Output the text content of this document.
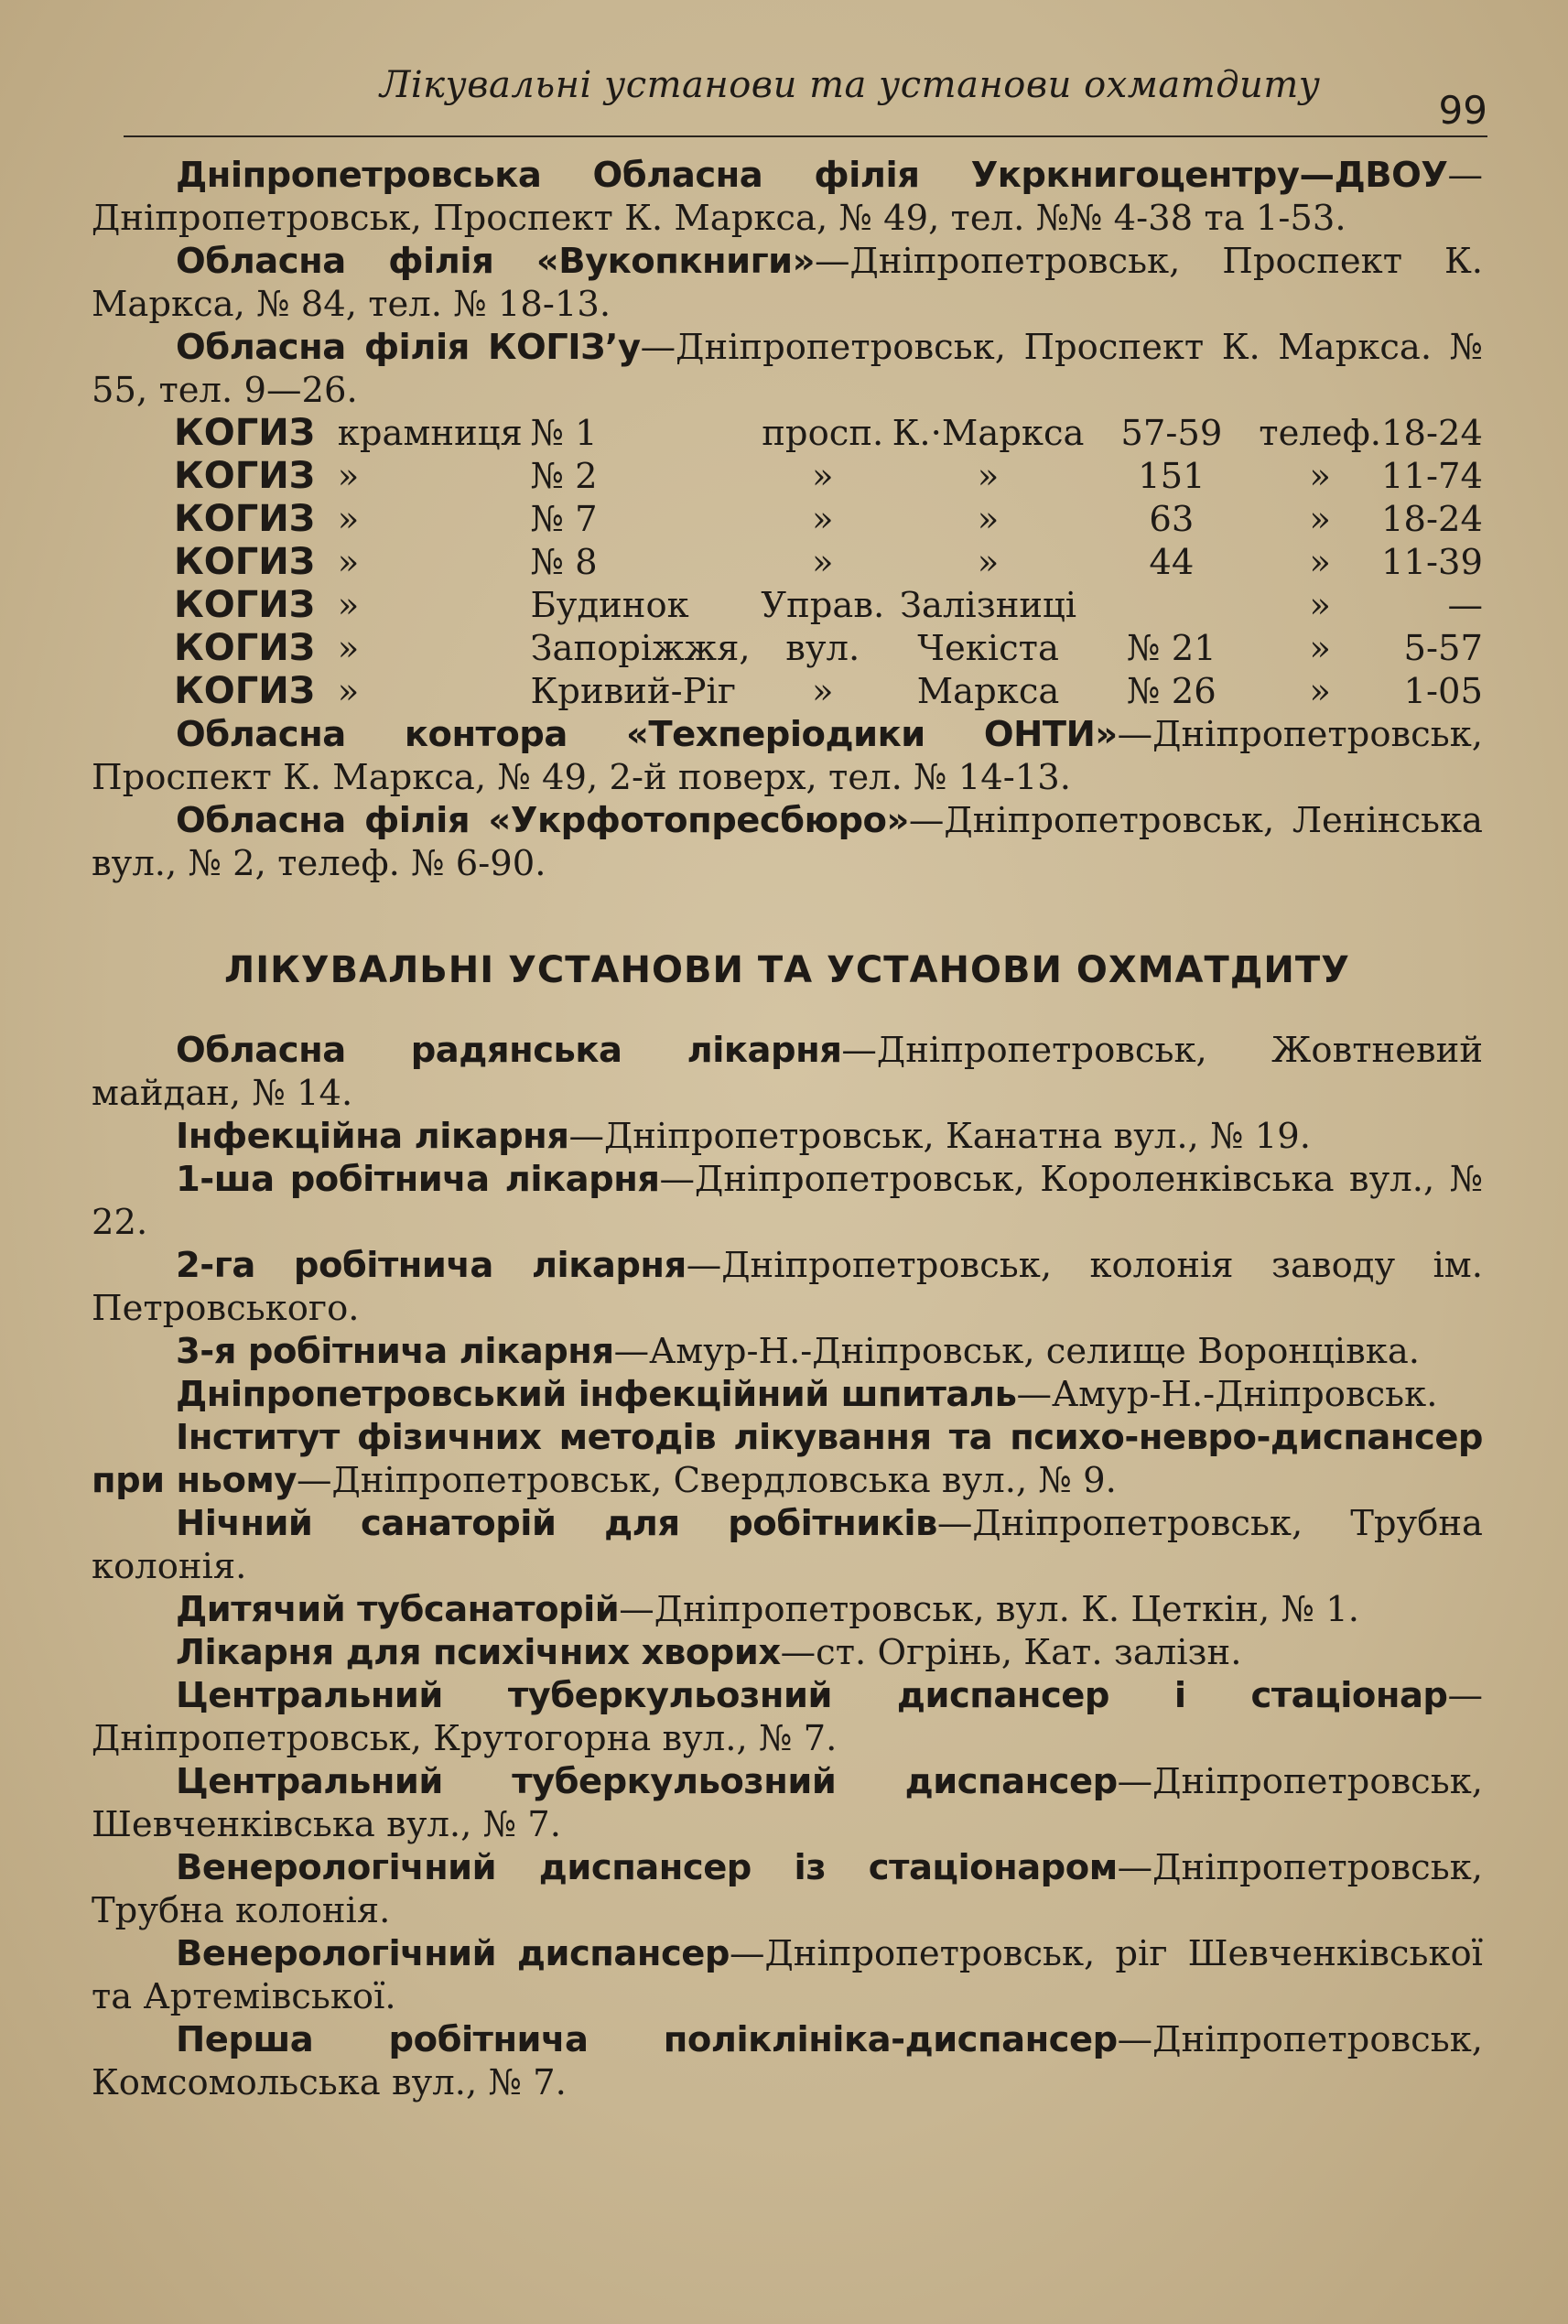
Лікувальні установи та установи охматдиту
99

Дніпропетровська Обласна філія Укркнигоцентру—ДВОУ—Дніпропетровськ, Проспект К. Маркса, № 49, тел. №№ 4-38 та 1-53.

Обласна філія «Вукопкниги»—Дніпропетровськ, Проспект К. Маркса, № 84, тел. № 18-13.

Обласна філія КОГІЗ’у—Дніпропетровськ, Проспект К. Маркса. № 55, тел. 9—26.

КОГИЗ	крамниця	№ 1	просп.	К.·Маркса	57-59	телеф.	18-24
КОГИЗ	»	№ 2	»	»	151	»	11-74
КОГИЗ	»	№ 7	»	»	63	»	18-24
КОГИЗ	»	№ 8	»	»	44	»	11-39
КОГИЗ	»	Будинок	Управ.	Залізниці		»	—
КОГИЗ	»	Запоріжжя,	вул.	Чекіста	№ 21	»	5-57
КОГИЗ	»	Кривий-Ріг	»	Маркса	№ 26	»	1-05

Обласна контора «Техперіодики ОНТИ»—Дніпропетровськ, Проспект К. Маркса, № 49, 2-й поверх, тел. № 14-13.

Обласна філія «Укрфотопресбюро»—Дніпропетровськ, Ленінська вул., № 2, телеф. № 6-90.

ЛІКУВАЛЬНІ УСТАНОВИ ТА УСТАНОВИ ОХМАТДИТУ

Обласна радянська лікарня—Дніпропетровськ, Жовтневий майдан, № 14.

Інфекційна лікарня—Дніпропетровськ, Канатна вул., № 19.

1-ша робітнича лікарня—Дніпропетровськ, Короленківська вул., № 22.

2-га робітнича лікарня—Дніпропетровськ, колонія заводу ім. Петровського.

3-я робітнича лікарня—Амур-Н.-Дніпровськ, селище Воронцівка.

Дніпропетровський інфекційний шпиталь—Амур-Н.-Дніпровськ.

Інститут фізичних методів лікування та психо-невро-диспансер при ньому—Дніпропетровськ, Свердловська вул., № 9.

Нічний санаторій для робітників—Дніпропетровськ, Трубна колонія.

Дитячий тубсанаторій—Дніпропетровськ, вул. К. Цеткін, № 1.

Лікарня для психічних хворих—ст. Огрінь, Кат. залізн.

Центральний туберкульозний диспансер і стаціонар—Дніпропетровськ, Крутогорна вул., № 7.

Центральний туберкульозний диспансер—Дніпропетровськ, Шевченківська вул., № 7.

Венерологічний диспансер із стаціонаром—Дніпропетровськ, Трубна колонія.

Венерологічний диспансер—Дніпропетровськ, ріг Шевченківської та Артемівської.

Перша робітнича поліклініка-диспансер—Дніпропетровськ, Комсомольська вул., № 7.
